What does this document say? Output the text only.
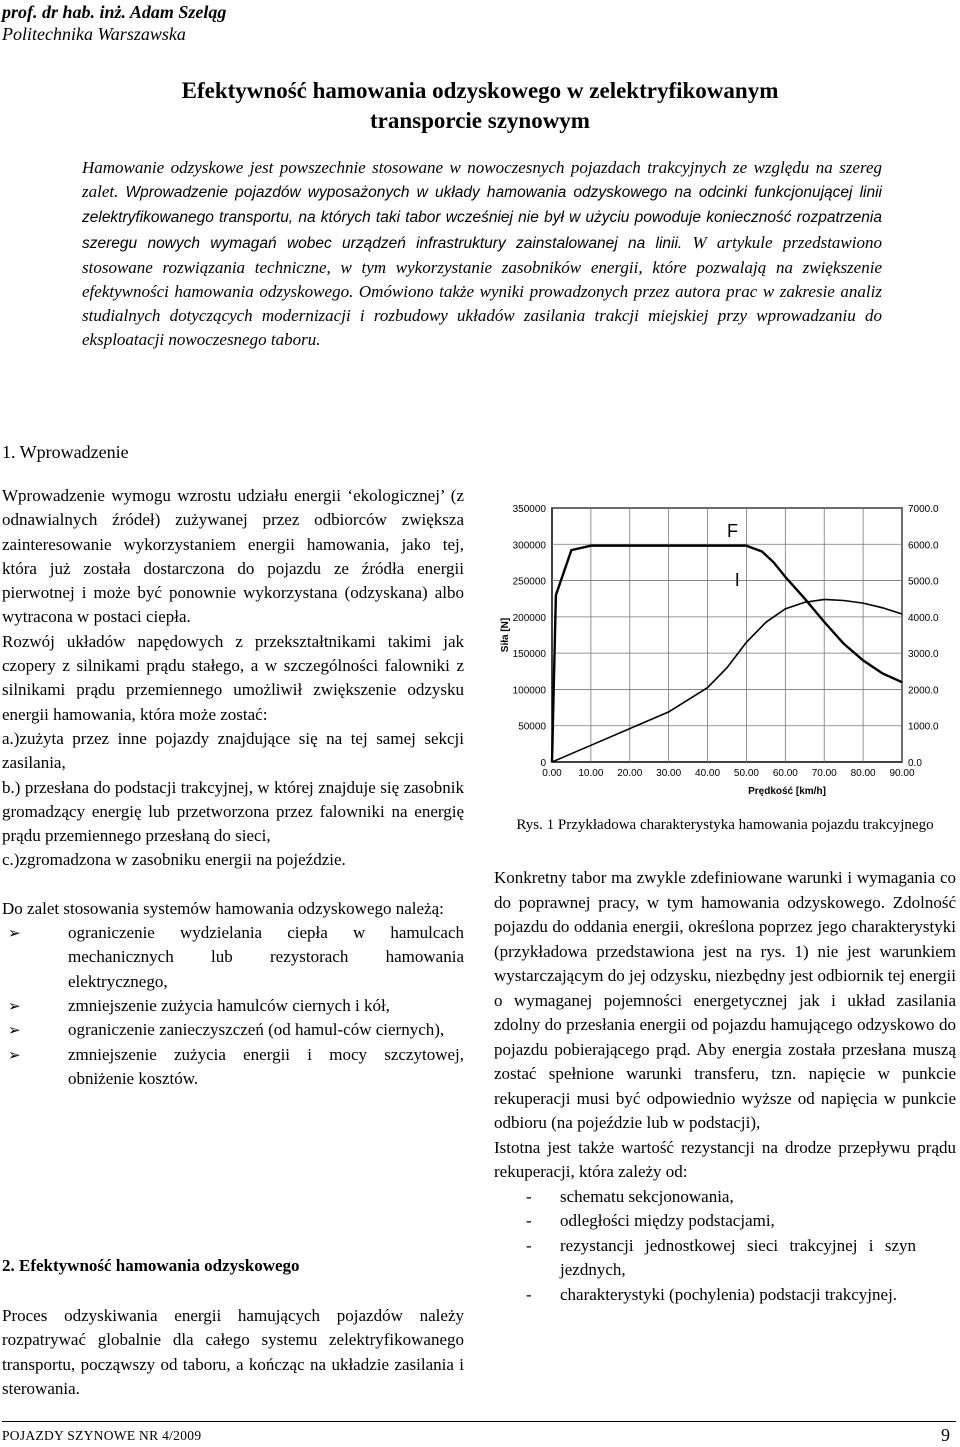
prof. dr hab. inż. Adam Szeląg
Politechnika Warszawska
Efektywność hamowania odzyskowego w zelektryfikowanym
transporcie szynowym
Hamowanie odzyskowe jest powszechnie stosowane w nowoczesnych pojazdach trakcyjnych ze względu na szereg zalet. Wprowadzenie pojazdów wyposażonych w układy hamowania odzyskowego na odcinki funkcjonującej linii zelektryfikowanego transportu, na których taki tabor wcześniej nie był w użyciu powoduje konieczność rozpatrzenia szeregu nowych wymagań wobec urządzeń infrastruktury zainstalowanej na linii. W artykule przedstawiono stosowane rozwiązania techniczne, w tym wykorzystanie zasobników energii, które pozwalają na zwiększenie efektywności hamowania odzyskowego. Omówiono także wyniki prowadzonych przez autora prac w zakresie analiz studialnych dotyczących modernizacji i rozbudowy układów zasilania trakcji miejskiej przy wprowadzaniu do eksploatacji nowoczesnego taboru.
1. Wprowadzenie

Wprowadzenie wymogu wzrostu udziału energii ‘ekologicznej’ (z odnawialnych źródeł) zużywanej przez odbiorców zwiększa zainteresowanie wykorzystaniem energii hamowania, jako tej, która już została dostarczona do pojazdu ze źródła energii pierwotnej i może być ponownie wykorzystana (odzyskana) albo wytracona w postaci ciepła.

Rozwój układów napędowych z przekształtnikami takimi jak czopery z silnikami prądu stałego, a w szczególności falowniki z silnikami prądu przemiennego umożliwił zwiększenie odzysku energii hamowania, która może zostać:

a.)zużyta przez inne pojazdy znajdujące się na tej samej sekcji zasilania,

b.) przesłana do podstacji trakcyjnej, w której znajduje się zasobnik gromadzący energię lub przetworzona przez falowniki na energię prądu przemiennego przesłaną do sieci,

c.)zgromadzona w zasobniku energii na pojeździe.

Do zalet stosowania systemów hamowania odzyskowego należą:

➢	ograniczenie wydzielania ciepła w hamulcach mechanicznych lub rezystorach hamowania elektrycznego,
➢	zmniejszenie zużycia hamulców ciernych i kół,
➢	ograniczenie zanieczyszczeń (od hamul-ców ciernych),
➢	zmniejszenie zużycia energii i mocy szczytowej, obniżenie kosztów.
2. Efektywność hamowania odzyskowego

Proces odzyskiwania energii hamujących pojazdów należy rozpatrywać globalnie dla całego systemu zelektryfikowanego transportu, począwszy od taboru, a kończąc na układzie zasilania i sterowania.

0
50000
100000
150000
200000
250000
300000
350000
0.0
1000.0
2000.0
3000.0
4000.0
5000.0
6000.0
7000.0
0.00 10.00 20.00 30.00 40.00 50.00 60.00 70.00 80.00 90.00
Prędkość [km/h]
Siła [N]
F
I
Rys. 1 Przykładowa charakterystyka hamowania pojazdu trakcyjnego

Konkretny tabor ma zwykle zdefiniowane warunki i wymagania co do poprawnej pracy, w tym hamowania odzyskowego. Zdolność pojazdu do oddania energii, określona poprzez jego charakterystyki (przykładowa przedstawiona jest na rys. 1) nie jest warunkiem wystarczającym do jej odzysku, niezbędny jest odbiornik tej energii o wymaganej pojemności energetycznej jak i układ zasilania zdolny do przesłania energii od pojazdu hamującego odzyskowo do pojazdu pobierającego prąd. Aby energia została przesłana muszą zostać spełnione warunki transferu, tzn. napięcie w punkcie rekuperacji musi być odpowiednio wyższe od napięcia w punkcie odbioru (na pojeździe lub w podstacji),

Istotna jest także wartość rezystancji na drodze przepływu prądu rekuperacji, która zależy od:

- schematu sekcjonowania,
- odległości między podstacjami,
- rezystancji jednostkowej sieci trakcyjnej i szyn jezdnych,
- charakterystyki (pochylenia) podstacji trakcyjnej.
POJAZDY SZYNOWE NR 4/2009	9
